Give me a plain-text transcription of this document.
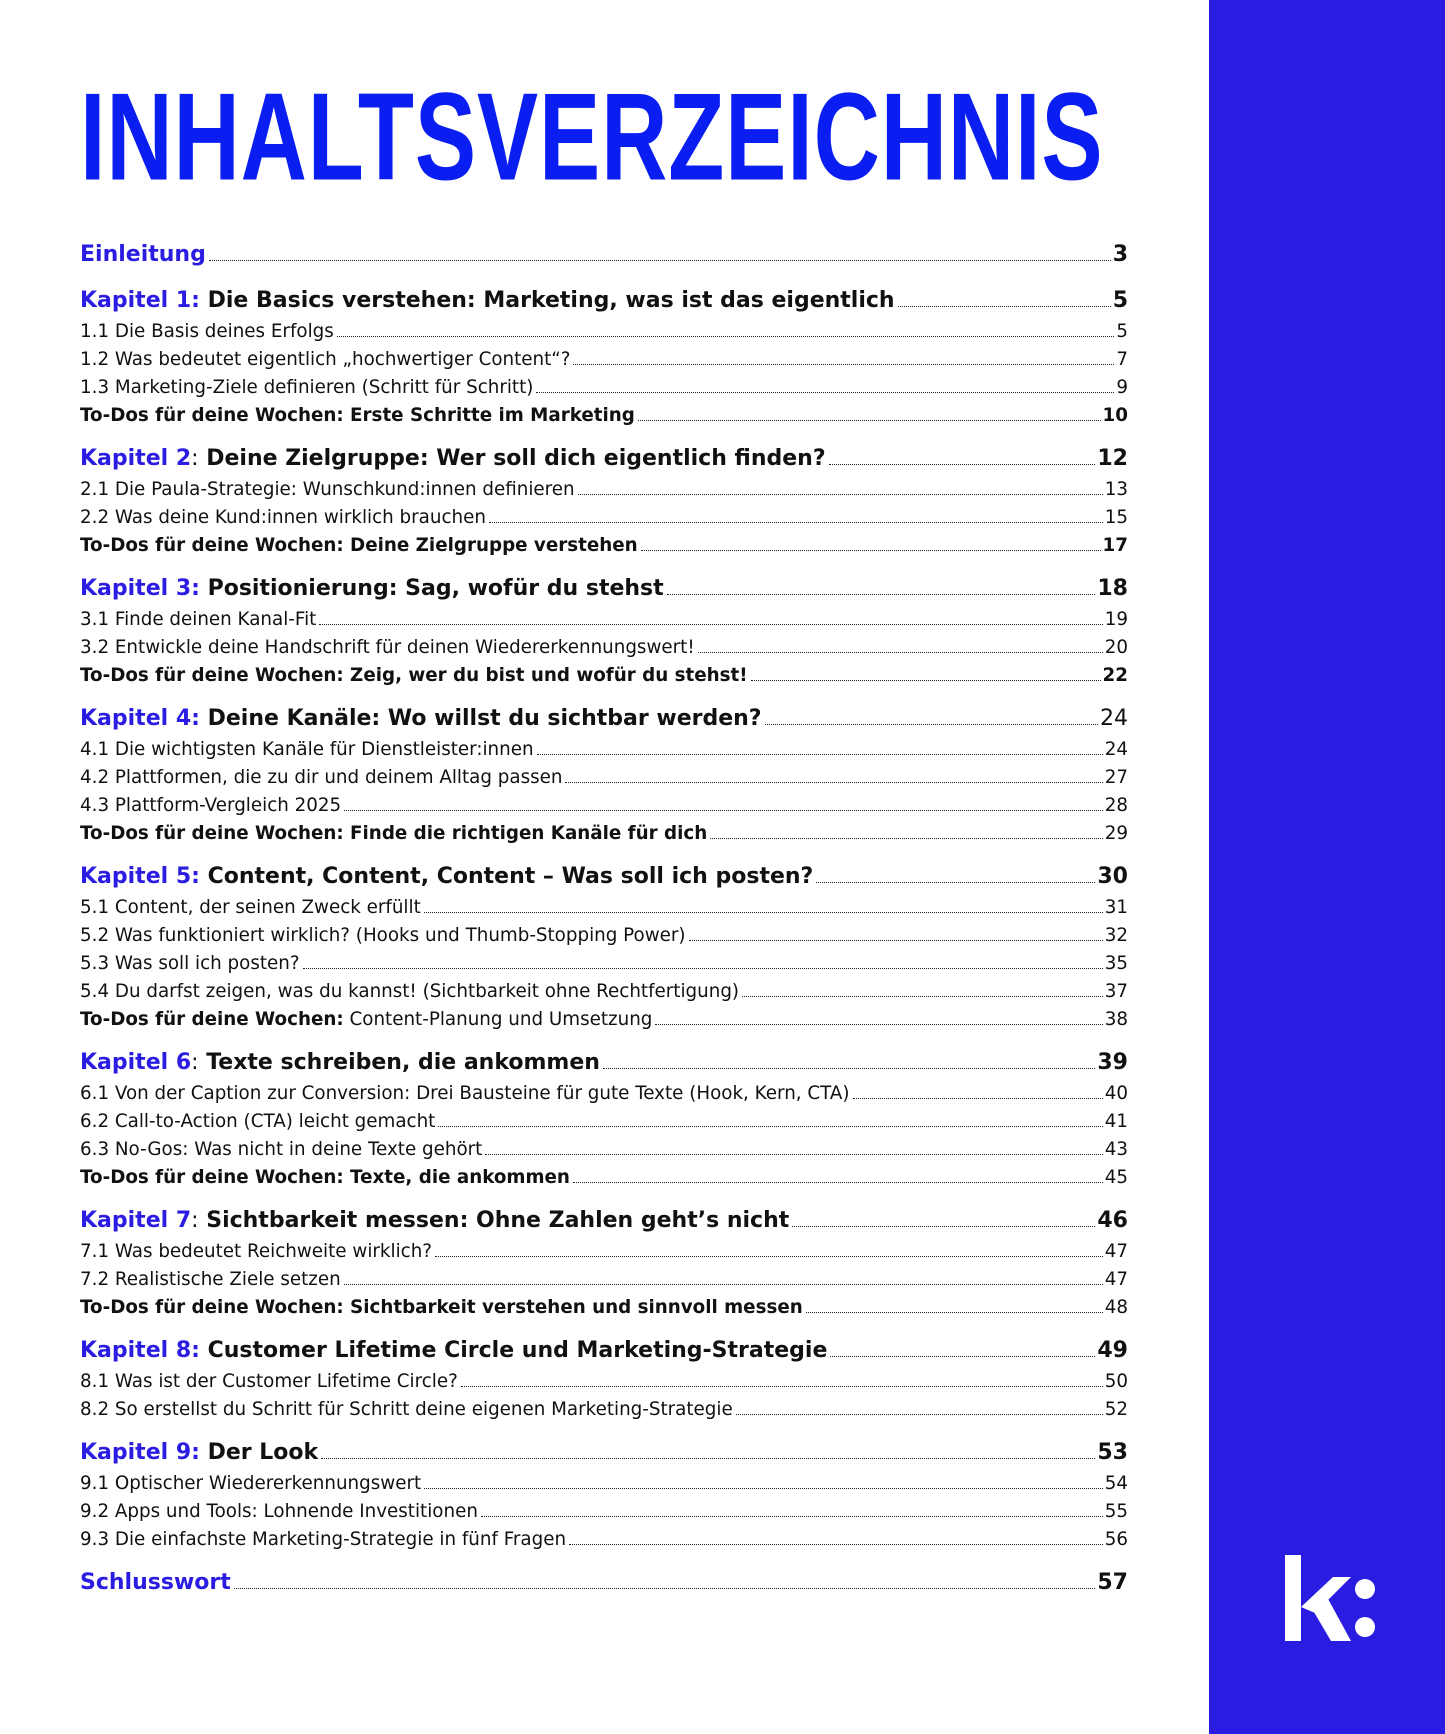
INHALTSVERZEICHNIS
Einleitung	3
Kapitel 1: Die Basics verstehen: Marketing, was ist das eigentlich	5
1.1 Die Basis deines Erfolgs	5
1.2 Was bedeutet eigentlich „hochwertiger Content“?	7
1.3 Marketing-Ziele definieren (Schritt für Schritt)	9
To-Dos für deine Wochen: Erste Schritte im Marketing	10
Kapitel 2: Deine Zielgruppe: Wer soll dich eigentlich finden?	12
2.1 Die Paula-Strategie: Wunschkund:innen definieren	13
2.2 Was deine Kund:innen wirklich brauchen	15
To-Dos für deine Wochen: Deine Zielgruppe verstehen	17
Kapitel 3: Positionierung: Sag, wofür du stehst	18
3.1 Finde deinen Kanal-Fit	19
3.2 Entwickle deine Handschrift für deinen Wiedererkennungswert!	20
To-Dos für deine Wochen: Zeig, wer du bist und wofür du stehst!	22
Kapitel 4: Deine Kanäle: Wo willst du sichtbar werden?	24
4.1 Die wichtigsten Kanäle für Dienstleister:innen	24
4.2 Plattformen, die zu dir und deinem Alltag passen	27
4.3 Plattform-Vergleich 2025	28
To-Dos für deine Wochen: Finde die richtigen Kanäle für dich	29
Kapitel 5: Content, Content, Content – Was soll ich posten?	30
5.1 Content, der seinen Zweck erfüllt	31
5.2 Was funktioniert wirklich? (Hooks und Thumb-Stopping Power)	32
5.3 Was soll ich posten?	35
5.4 Du darfst zeigen, was du kannst! (Sichtbarkeit ohne Rechtfertigung)	37
To-Dos für deine Wochen: Content-Planung und Umsetzung	38
Kapitel 6: Texte schreiben, die ankommen	39
6.1 Von der Caption zur Conversion: Drei Bausteine für gute Texte (Hook, Kern, CTA)	40
6.2 Call-to-Action (CTA) leicht gemacht	41
6.3 No-Gos: Was nicht in deine Texte gehört	43
To-Dos für deine Wochen: Texte, die ankommen	45
Kapitel 7: Sichtbarkeit messen: Ohne Zahlen geht’s nicht	46
7.1 Was bedeutet Reichweite wirklich?	47
7.2 Realistische Ziele setzen	47
To-Dos für deine Wochen: Sichtbarkeit verstehen und sinnvoll messen	48
Kapitel 8: Customer Lifetime Circle und Marketing-Strategie	49
8.1 Was ist der Customer Lifetime Circle?	50
8.2 So erstellst du Schritt für Schritt deine eigenen Marketing-Strategie	52
Kapitel 9: Der Look	53
9.1 Optischer Wiedererkennungswert	54
9.2 Apps und Tools: Lohnende Investitionen	55
9.3 Die einfachste Marketing-Strategie in fünf Fragen	56
Schlusswort	57
